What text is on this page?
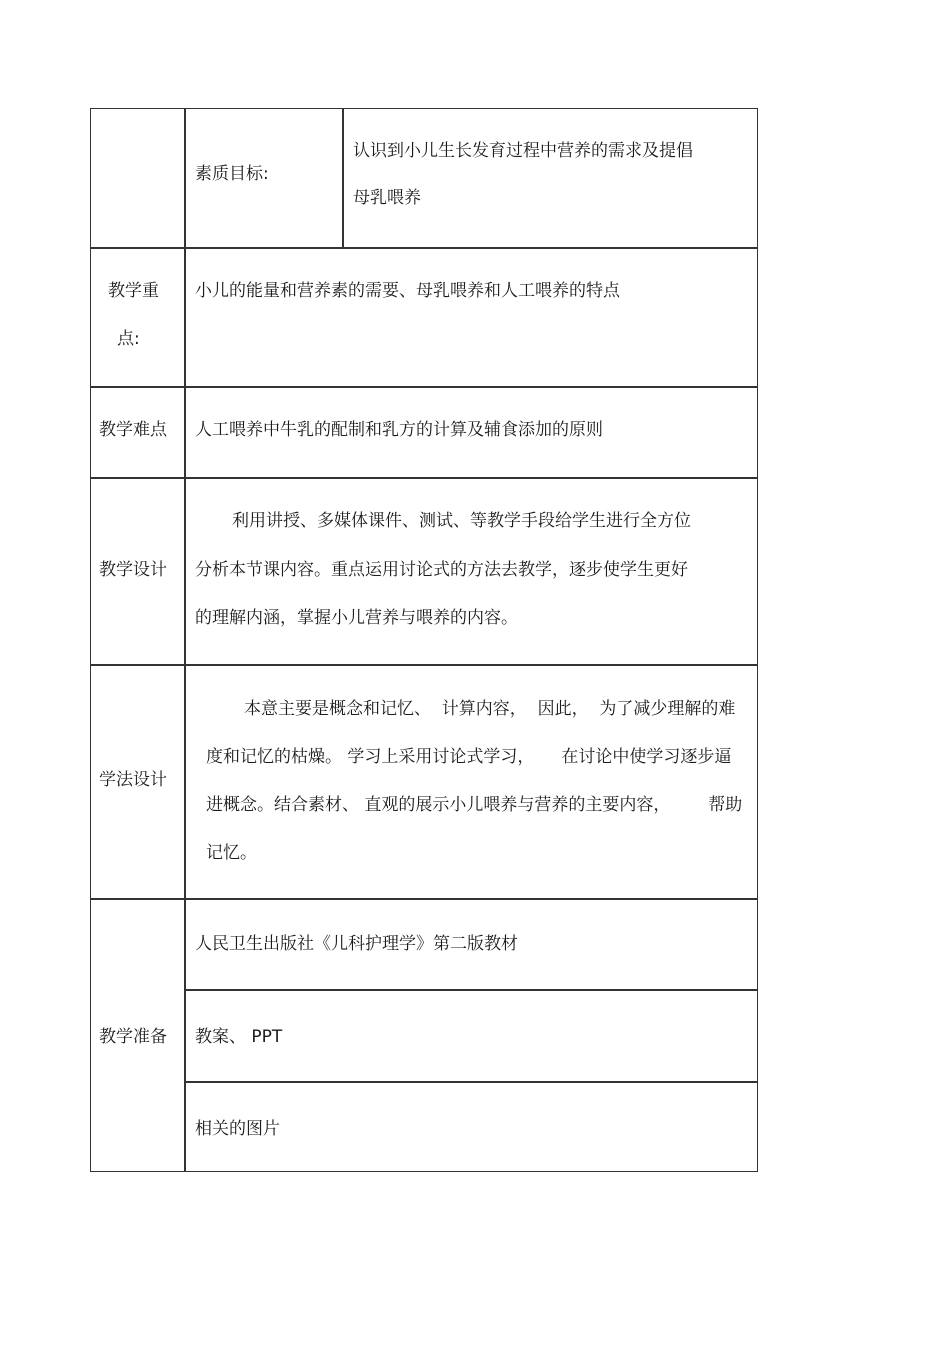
素质目标:
认识到小儿生长发育过程中营养的需求及提倡
母乳喂养
教学重
点:
小儿的能量和营养素的需要、母乳喂养和人工喂养的特点
教学难点 人工喂养中牛乳的配制和乳方的计算及辅食添加的原则
教学设计
利用讲授、多媒体课件、测试、等教学手段给学生进行全方位
分析本节课内容。重点运用讨论式的方法去教学，逐步使学生更好
的理解内涵，掌握小儿营养与喂养的内容。
学法设计
本意主要是概念和记忆、  计算内容，  因此，  为了减少理解的难
度和记忆的枯燥。 学习上采用讨论式学习，     在讨论中使学习逐步逼
进概念。结合素材、 直观的展示小儿喂养与营养的主要内容，       帮助
记忆。
教学准备
人民卫生出版社《儿科护理学》第二版教材
教案、 PPT
相关的图片
